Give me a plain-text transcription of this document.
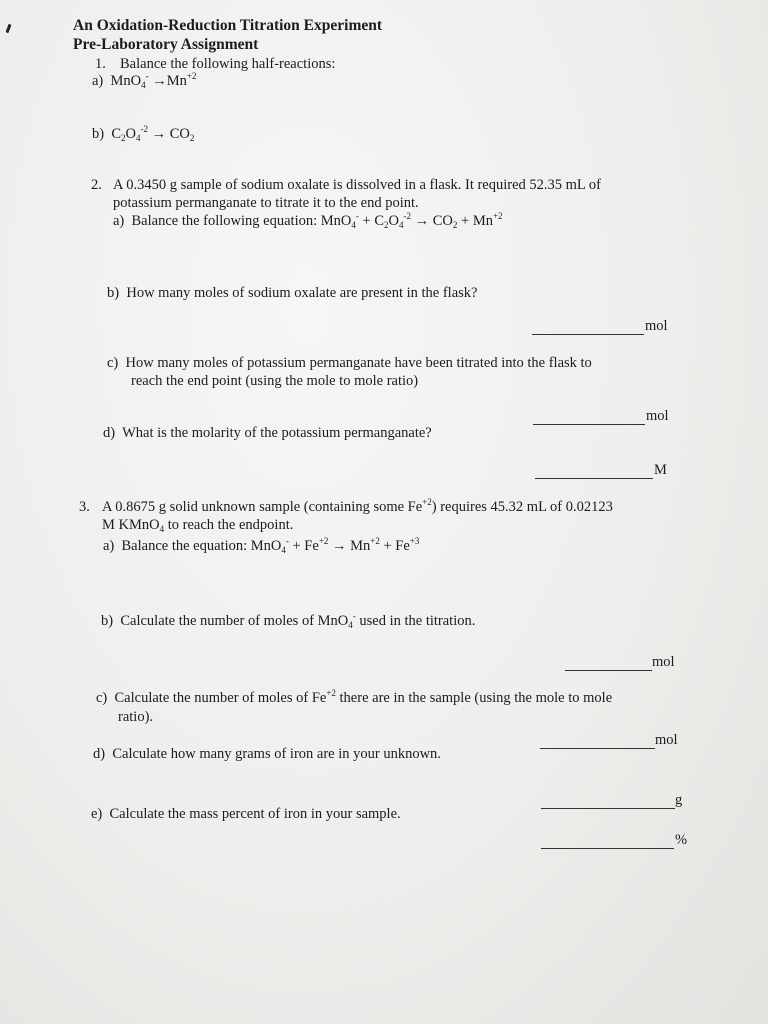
An Oxidation-Reduction Titration Experiment
Pre-Laboratory Assignment
1. Balance the following half-reactions:
a) $MnO_4^- \to Mn^{+2}$
b) $C_2O_4^{-2} \to CO_2$
2. A 0.3450 g sample of sodium oxalate is dissolved in a flask. It required 52.35 mL of
potassium permanganate to titrate it to the end point.
a) Balance the following equation: $MnO_4^- + C_2O_4^{-2} \to CO_2 + Mn^{+2}$
b) How many moles of sodium oxalate are present in the flask?
mol
c) How many moles of potassium permanganate have been titrated into the flask to
reach the end point (using the mole to mole ratio)
mol
d) What is the molarity of the potassium permanganate?
M
3. A 0.8675 g solid unknown sample (containing some $Fe^{+2}$) requires 45.32 mL of 0.02123
M KMnO$_4$ to reach the endpoint.
a) Balance the equation: $MnO_4^- + Fe^{+2} \to Mn^{+2} + Fe^{+3}$
b) Calculate the number of moles of MnO$_4$- used in the titration.
mol
c) Calculate the number of moles of $Fe^{+2}$ there are in the sample (using the mole to mole
ratio).
mol
d) Calculate how many grams of iron are in your unknown.
g
e) Calculate the mass percent of iron in your sample.
%
